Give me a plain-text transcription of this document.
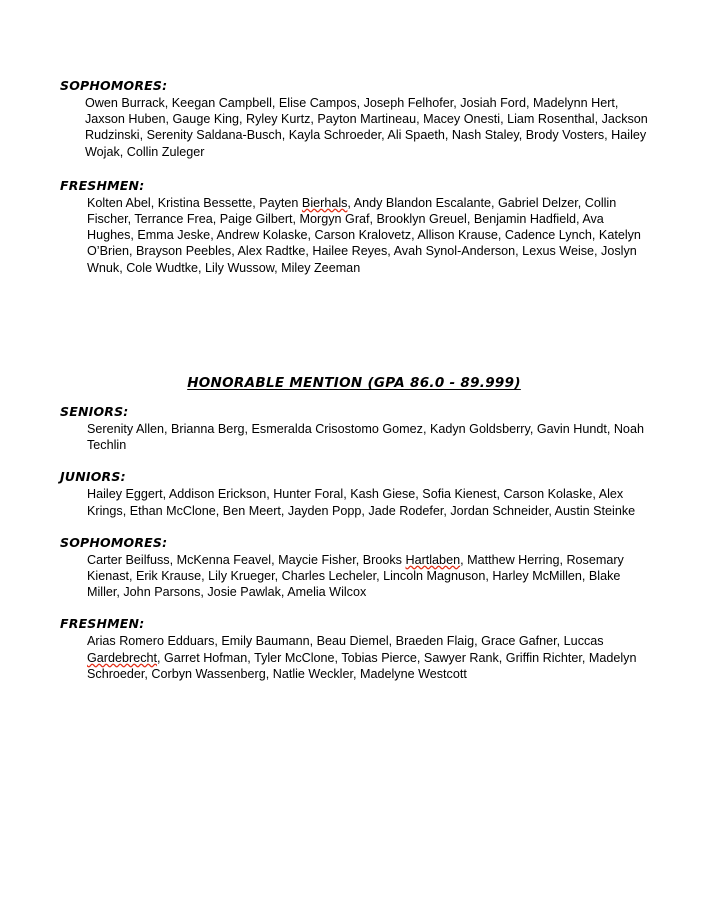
SOPHOMORES:

Owen Burrack, Keegan Campbell, Elise Campos, Joseph Felhofer, Josiah Ford, Madelynn Hert, Jaxson Huben, Gauge King, Ryley Kurtz, Payton Martineau, Macey Onesti, Liam Rosenthal, Jackson Rudzinski, Serenity Saldana-Busch, Kayla Schroeder, Ali Spaeth, Nash Staley, Brody Vosters, Hailey Wojak, Collin Zuleger

FRESHMEN:

Kolten Abel, Kristina Bessette, Payten Bierhals, Andy Blandon Escalante, Gabriel Delzer, Collin Fischer, Terrance Frea, Paige Gilbert, Morgyn Graf, Brooklyn Greuel, Benjamin Hadfield, Ava Hughes, Emma Jeske, Andrew Kolaske, Carson Kralovetz, Allison Krause, Cadence Lynch, Katelyn O’Brien, Brayson Peebles, Alex Radtke, Hailee Reyes, Avah Synol-Anderson, Lexus Weise, Joslyn Wnuk, Cole Wudtke, Lily Wussow, Miley Zeeman

HONORABLE MENTION (GPA 86.0 - 89.999)
SENIORS:

Serenity Allen, Brianna Berg, Esmeralda Crisostomo Gomez, Kadyn Goldsberry, Gavin Hundt, Noah Techlin

JUNIORS:

Hailey Eggert, Addison Erickson, Hunter Foral, Kash Giese, Sofia Kienest, Carson Kolaske, Alex Krings, Ethan McClone, Ben Meert, Jayden Popp, Jade Rodefer, Jordan Schneider, Austin Steinke

SOPHOMORES:

Carter Beilfuss, McKenna Feavel, Maycie Fisher, Brooks Hartlaben, Matthew Herring, Rosemary Kienast, Erik Krause, Lily Krueger, Charles Lecheler, Lincoln Magnuson, Harley McMillen, Blake Miller, John Parsons, Josie Pawlak, Amelia Wilcox

FRESHMEN:

Arias Romero Edduars, Emily Baumann, Beau Diemel, Braeden Flaig, Grace Gafner, Luccas Gardebrecht, Garret Hofman, Tyler McClone, Tobias Pierce, Sawyer Rank, Griffin Richter, Madelyn Schroeder, Corbyn Wassenberg, Natlie Weckler, Madelyne Westcott
